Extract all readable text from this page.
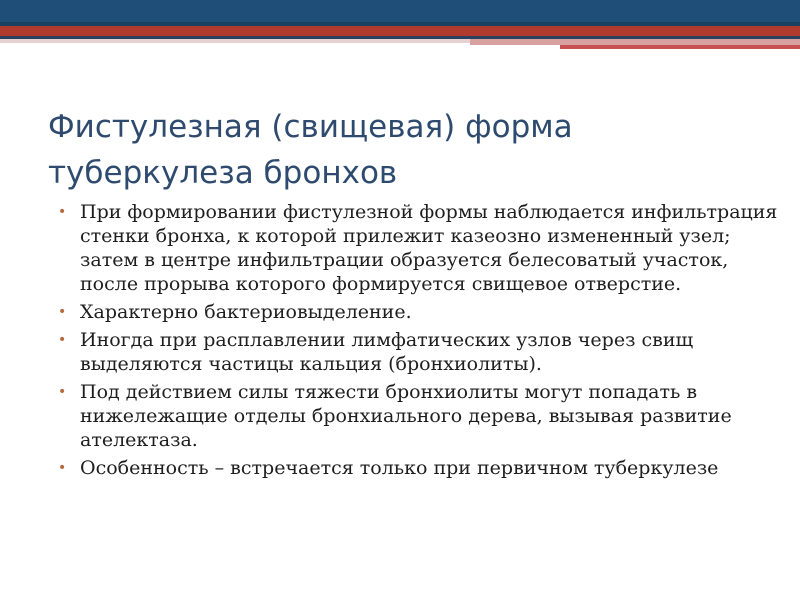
Фистулезная (свищевая) форма туберкулеза бронхов
• При формировании фистулезной формы наблюдается инфильтрация стенки бронха, к которой прилежит казеозно измененный узел; затем в центре инфильтрации образуется белесоватый участок, после прорыва которого формируется свищевое отверстие.
• Характерно бактериовыделение.
• Иногда при расплавлении лимфатических узлов через свищ выделяются частицы кальция (бронхиолиты).
• Под действием силы тяжести бронхиолиты могут попадать в нижележащие отделы бронхиального дерева, вызывая развитие ателектаза.
• Особенность – встречается только при первичном туберкулезе
